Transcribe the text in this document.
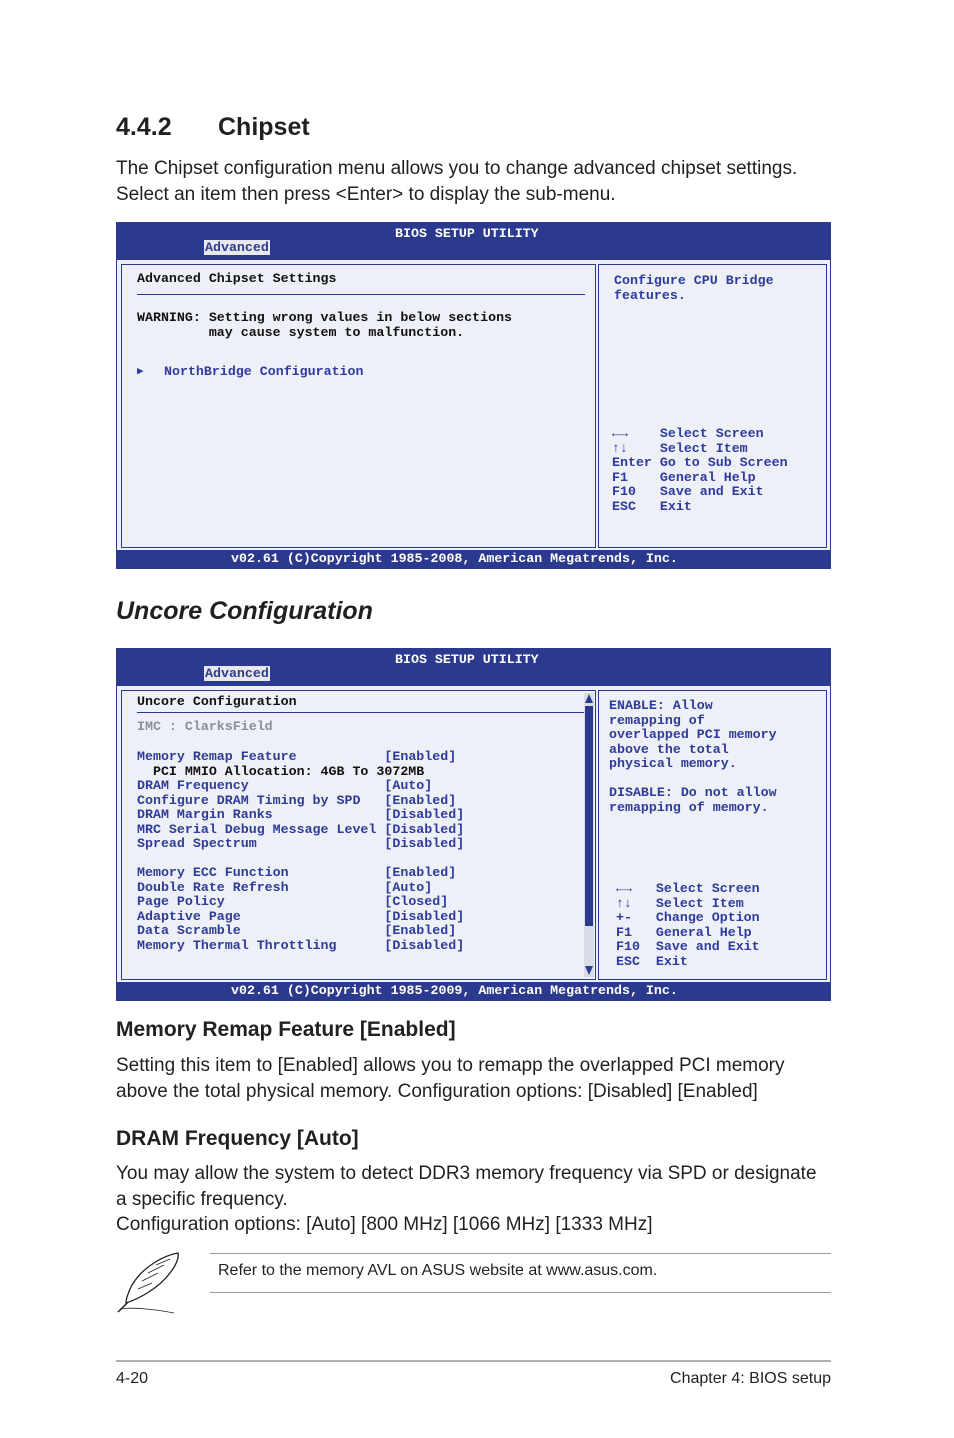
4.4.2 Chipset
The Chipset configuration menu allows you to change advanced chipset settings.
Select an item then press <Enter> to display the sub-menu.
BIOS SETUP UTILITY
Advanced
Advanced Chipset Settings
WARNING: Setting wrong values in below sections
may cause system to malfunction.
▶ NorthBridge Configuration
Configure CPU Bridge
features.
←→    Select Screen
↑↓    Select Item
Enter Go to Sub Screen
F1    General Help
F10   Save and Exit
ESC   Exit
v02.61 (C)Copyright 1985-2008, American Megatrends, Inc.
Uncore Configuration
BIOS SETUP UTILITY
Advanced
Uncore Configuration
IMC : ClarksField
Memory Remap Feature           [Enabled]
PCI MMIO Allocation: 4GB To 3072MB
DRAM Frequency                 [Auto]
Configure DRAM Timing by SPD   [Enabled]
DRAM Margin Ranks              [Disabled]
MRC Serial Debug Message Level [Disabled]
Spread Spectrum                [Disabled]
Memory ECC Function            [Enabled]
Double Rate Refresh            [Auto]
Page Policy                    [Closed]
Adaptive Page                  [Disabled]
Data Scramble                  [Enabled]
Memory Thermal Throttling      [Disabled]
ENABLE: Allow
remapping of
overlapped PCI memory
above the total
physical memory.
DISABLE: Do not allow
remapping of memory.
←→   Select Screen
↑↓   Select Item
+-   Change Option
F1   General Help
F10  Save and Exit
ESC  Exit
v02.61 (C)Copyright 1985-2009, American Megatrends, Inc.
Memory Remap Feature [Enabled]
Setting this item to [Enabled] allows you to remapp the overlapped PCI memory
above the total physical memory. Configuration options: [Disabled] [Enabled]
DRAM Frequency [Auto]
You may allow the system to detect DDR3 memory frequency via SPD or designate
a specific frequency.
Configuration options: [Auto] [800 MHz] [1066 MHz] [1333 MHz]
Refer to the memory AVL on ASUS website at www.asus.com.
4-20	Chapter 4: BIOS setup
